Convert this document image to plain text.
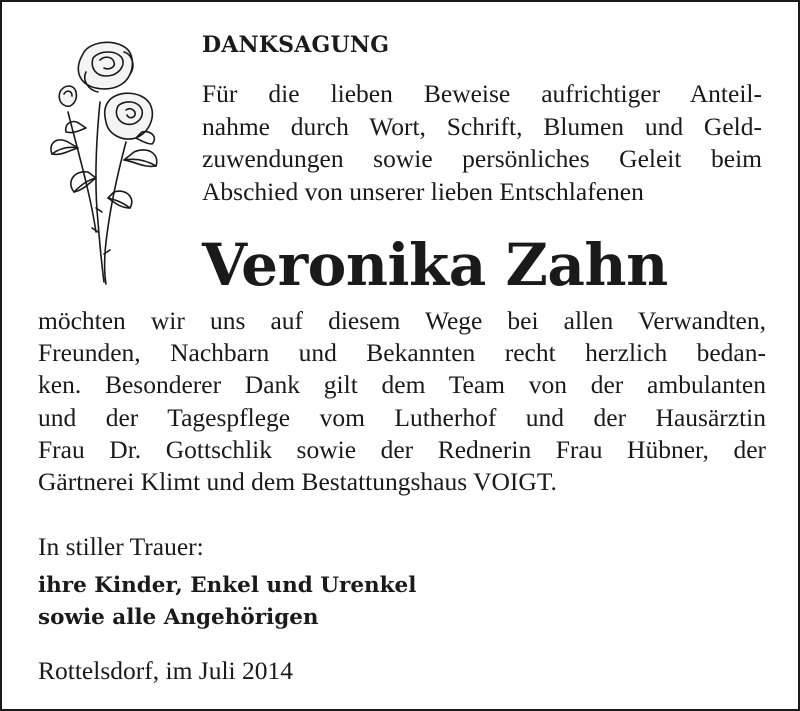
DANKSAGUNG
Für die lieben Beweise aufrichtiger Anteil-
nahme durch Wort, Schrift, Blumen und Geld-
zuwendungen sowie persönliches Geleit beim
Abschied von unserer lieben Entschlafenen
Veronika Zahn
möchten wir uns auf diesem Wege bei allen Verwandten,
Freunden, Nachbarn und Bekannten recht herzlich bedan-
ken. Besonderer Dank gilt dem Team von der ambulanten
und der Tagespflege vom Lutherhof und der Hausärztin
Frau Dr. Gottschlik sowie der Rednerin Frau Hübner, der
Gärtnerei Klimt und dem Bestattungshaus VOIGT.
In stiller Trauer:
ihre Kinder, Enkel und Urenkel
sowie alle Angehörigen
Rottelsdorf, im Juli 2014
